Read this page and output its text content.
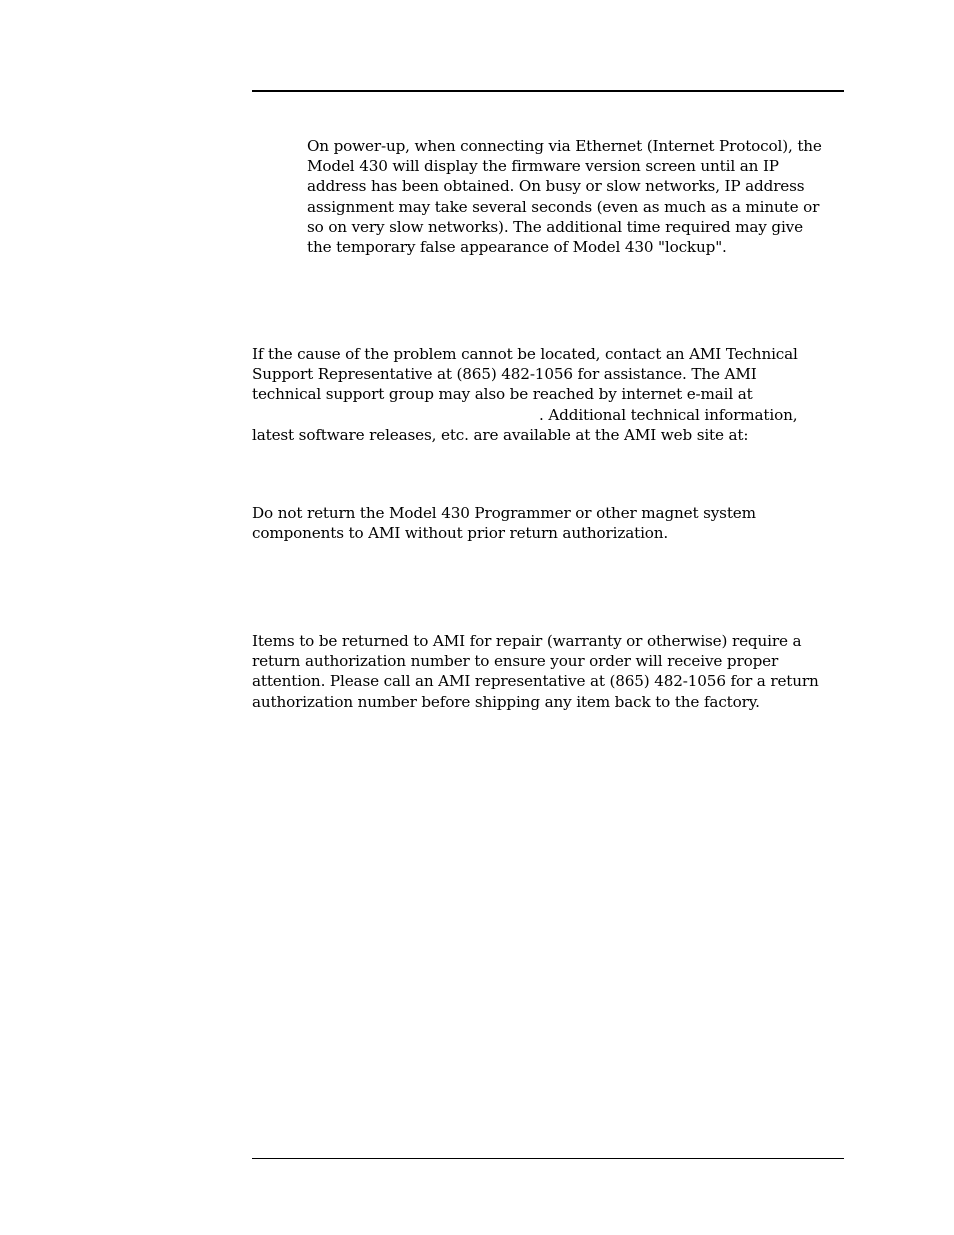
On power-up, when connecting via Ethernet (Internet Protocol), the
Model 430 will display the firmware version screen until an IP
address has been obtained. On busy or slow networks, IP address
assignment may take several seconds (even as much as a minute or
so on very slow networks). The additional time required may give
the temporary false appearance of Model 430 "lockup".
If the cause of the problem cannot be located, contact an AMI Technical
Support Representative at (865) 482-1056 for assistance. The AMI
technical support group may also be reached by internet e-mail at
. Additional technical information,
latest software releases, etc. are available at the AMI web site at:
Do not return the Model 430 Programmer or other magnet system
components to AMI without prior return authorization.
Items to be returned to AMI for repair (warranty or otherwise) require a
return authorization number to ensure your order will receive proper
attention. Please call an AMI representative at (865) 482-1056 for a return
authorization number before shipping any item back to the factory.
